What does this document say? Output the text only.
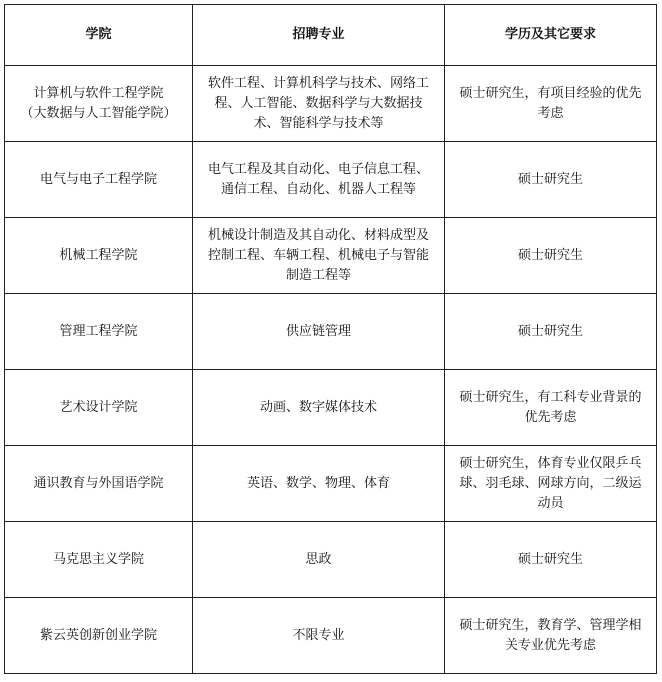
学院	招聘专业	学历及其它要求

计算机与软件工程学院
（大数据与人工智能学院）	软件工程、计算机科学与技术、网络工
程、人工智能、数据科学与大数据技
术、智能科学与技术等	硕士研究生，有项目经验的优先
考虑

电气与电子工程学院	电气工程及其自动化、电子信息工程、
通信工程、自动化、机器人工程等	硕士研究生

机械工程学院	机械设计制造及其自动化、材料成型及
控制工程、车辆工程、机械电子与智能
制造工程等	硕士研究生

管理工程学院	供应链管理	硕士研究生

艺术设计学院	动画、数字媒体技术	硕士研究生，有工科专业背景的
优先考虑

通识教育与外国语学院	英语、数学、物理、体育	硕士研究生，体育专业仅限乒乓
球、羽毛球、网球方向，二级运
动员

马克思主义学院	思政	硕士研究生

紫云英创新创业学院	不限专业	硕士研究生，教育学、管理学相
关专业优先考虑
